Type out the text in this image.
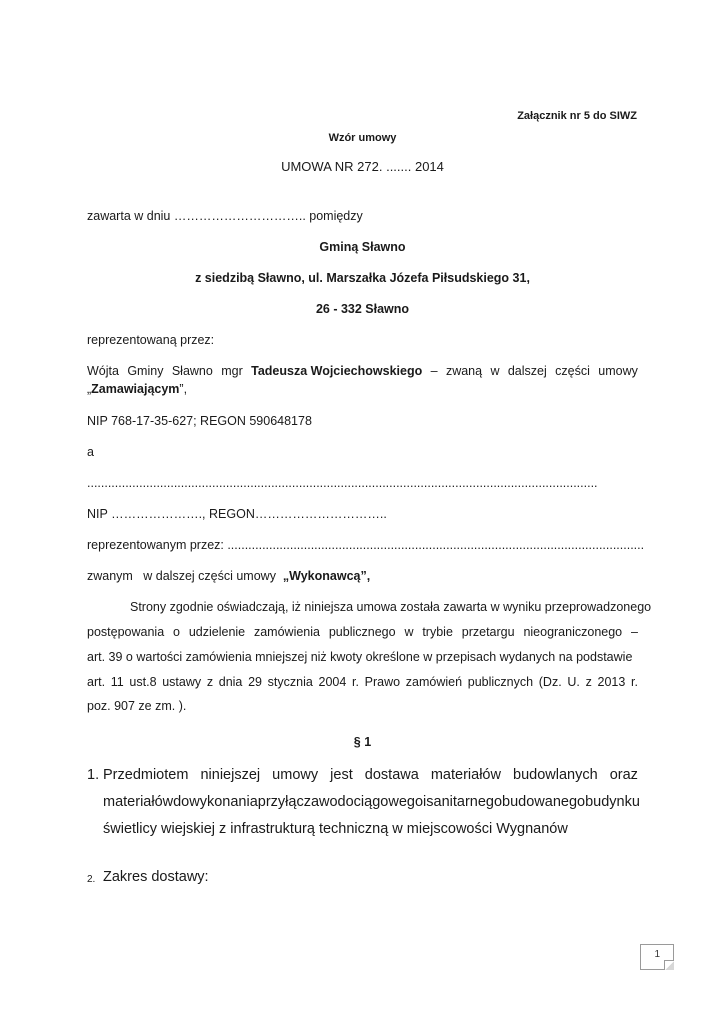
Załącznik nr 5 do SIWZ
Wzór umowy
UMOWA NR 272. ....... 2014
zawarta w dniu ………………………….. pomiędzy
Gminą Sławno
z siedzibą Sławno, ul. Marszałka Józefa Piłsudskiego 31,
26 - 332 Sławno
reprezentowaną przez:
Wójta Gminy Sławno mgr Tadeusza Wojciechowskiego – zwaną w dalszej części umowy
„Zamawiającym”,
NIP 768-17-35-627; REGON 590648178
a
...................................................................................................................................................
NIP …………………., REGON…………………………..
reprezentowanym przez: ........................................................................................................................
zwanym   w dalszej części umowy  „Wykonawcą”,
Strony zgodnie oświadczają, iż niniejsza umowa została zawarta w wyniku przeprowadzonego
postępowania o udzielenie zamówienia publicznego w trybie przetargu nieograniczonego –
art. 39 o wartości zamówienia mniejszej niż kwoty określone w przepisach wydanych na podstawie
art. 11 ust.8 ustawy z dnia 29 stycznia 2004 r. Prawo zamówień publicznych (Dz. U. z 2013 r.
poz. 907 ze zm. ).
§ 1
1. Przedmiotem niniejszej umowy jest dostawa materiałów budowlanych oraz
materiałów do wykonania przyłącza wodociągowego i sanitarnego budowanego budynku
świetlicy wiejskiej z infrastrukturą techniczną w miejscowości Wygnanów
2. Zakres dostawy:
1
